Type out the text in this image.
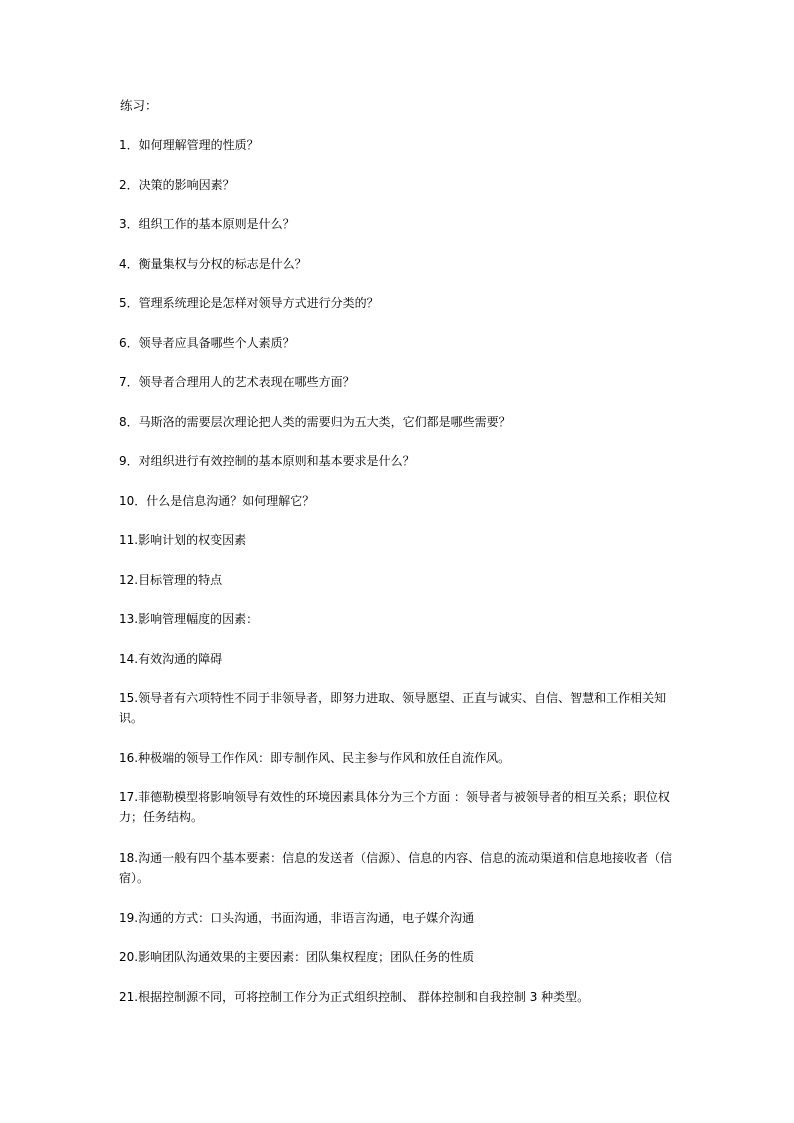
练习：
1．如何理解管理的性质？
2．决策的影响因素？
3．组织工作的基本原则是什么？
4．衡量集权与分权的标志是什么？
5．管理系统理论是怎样对领导方式进行分类的？
6．领导者应具备哪些个人素质？
7．领导者合理用人的艺术表现在哪些方面？
8．马斯洛的需要层次理论把人类的需要归为五大类，它们都是哪些需要？
9．对组织进行有效控制的基本原则和基本要求是什么？
10．什么是信息沟通？如何理解它？
11.影响计划的权变因素
12.目标管理的特点
13.影响管理幅度的因素：
14.有效沟通的障碍
15.领导者有六项特性不同于非领导者，即努力进取、领导愿望、正直与诚实、自信、智慧和工作相关知识。
16.种极端的领导工作作风：即专制作风、民主参与作风和放任自流作风。
17.菲德勒模型将影响领导有效性的环境因素具体分为三个方面 ：领导者与被领导者的相互关系；职位权力；任务结构。
18.沟通一般有四个基本要素：信息的发送者（信源）、信息的内容、信息的流动渠道和信息地接收者（信宿）。
19.沟通的方式：口头沟通，书面沟通，非语言沟通，电子媒介沟通
20.影响团队沟通效果的主要因素：团队集权程度；团队任务的性质
21.根据控制源不同，可将控制工作分为正式组织控制、 群体控制和自我控制 3 种类型。
